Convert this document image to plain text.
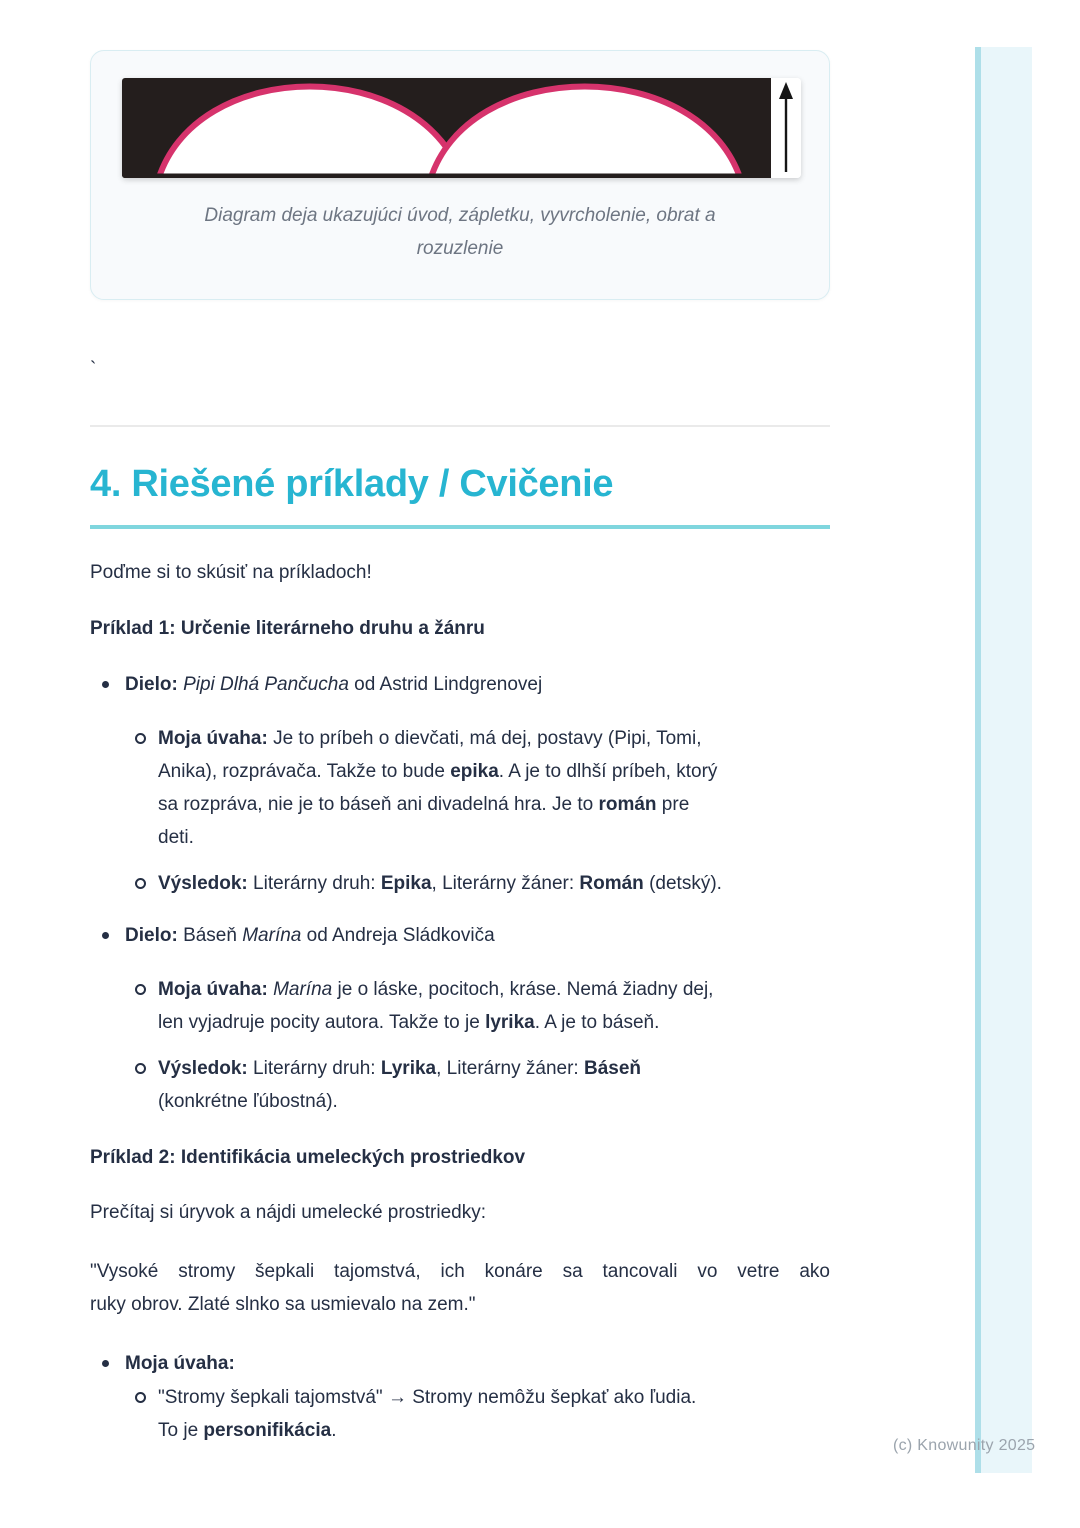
Diagram deja ukazujúci úvod, zápletku, vyvrcholenie, obrat a rozuzlenie

`

4. Riešené príklady / Cvičenie

Poďme si to skúsiť na príkladoch!

Príklad 1: Určenie literárneho druhu a žánru

Dielo: Pipi Dlhá Pančucha od Astrid Lindgrenovej
Moja úvaha: Je to príbeh o dievčati, má dej, postavy (Pipi, Tomi,
Anika), rozprávača. Takže to bude epika. A je to dlhší príbeh, ktorý
sa rozpráva, nie je to báseň ani divadelná hra. Je to román pre
deti.
Výsledok: Literárny druh: Epika, Literárny žáner: Román (detský).
Dielo: Báseň Marína od Andreja Sládkoviča
Moja úvaha: Marína je o láske, pocitoch, kráse. Nemá žiadny dej,
len vyjadruje pocity autora. Takže to je lyrika. A je to báseň.
Výsledok: Literárny druh: Lyrika, Literárny žáner: Báseň
(konkrétne ľúbostná).

Príklad 2: Identifikácia umeleckých prostriedkov

Prečítaj si úryvok a nájdi umelecké prostriedky:

"Vysoké stromy šepkali tajomstvá, ich konáre sa tancovali vo vetre ako
ruky obrov. Zlaté slnko sa usmievalo na zem."
Moja úvaha:
"Stromy šepkali tajomstvá" → Stromy nemôžu šepkať ako ľudia.
To je personifikácia.
(c) Knowunity 2025
